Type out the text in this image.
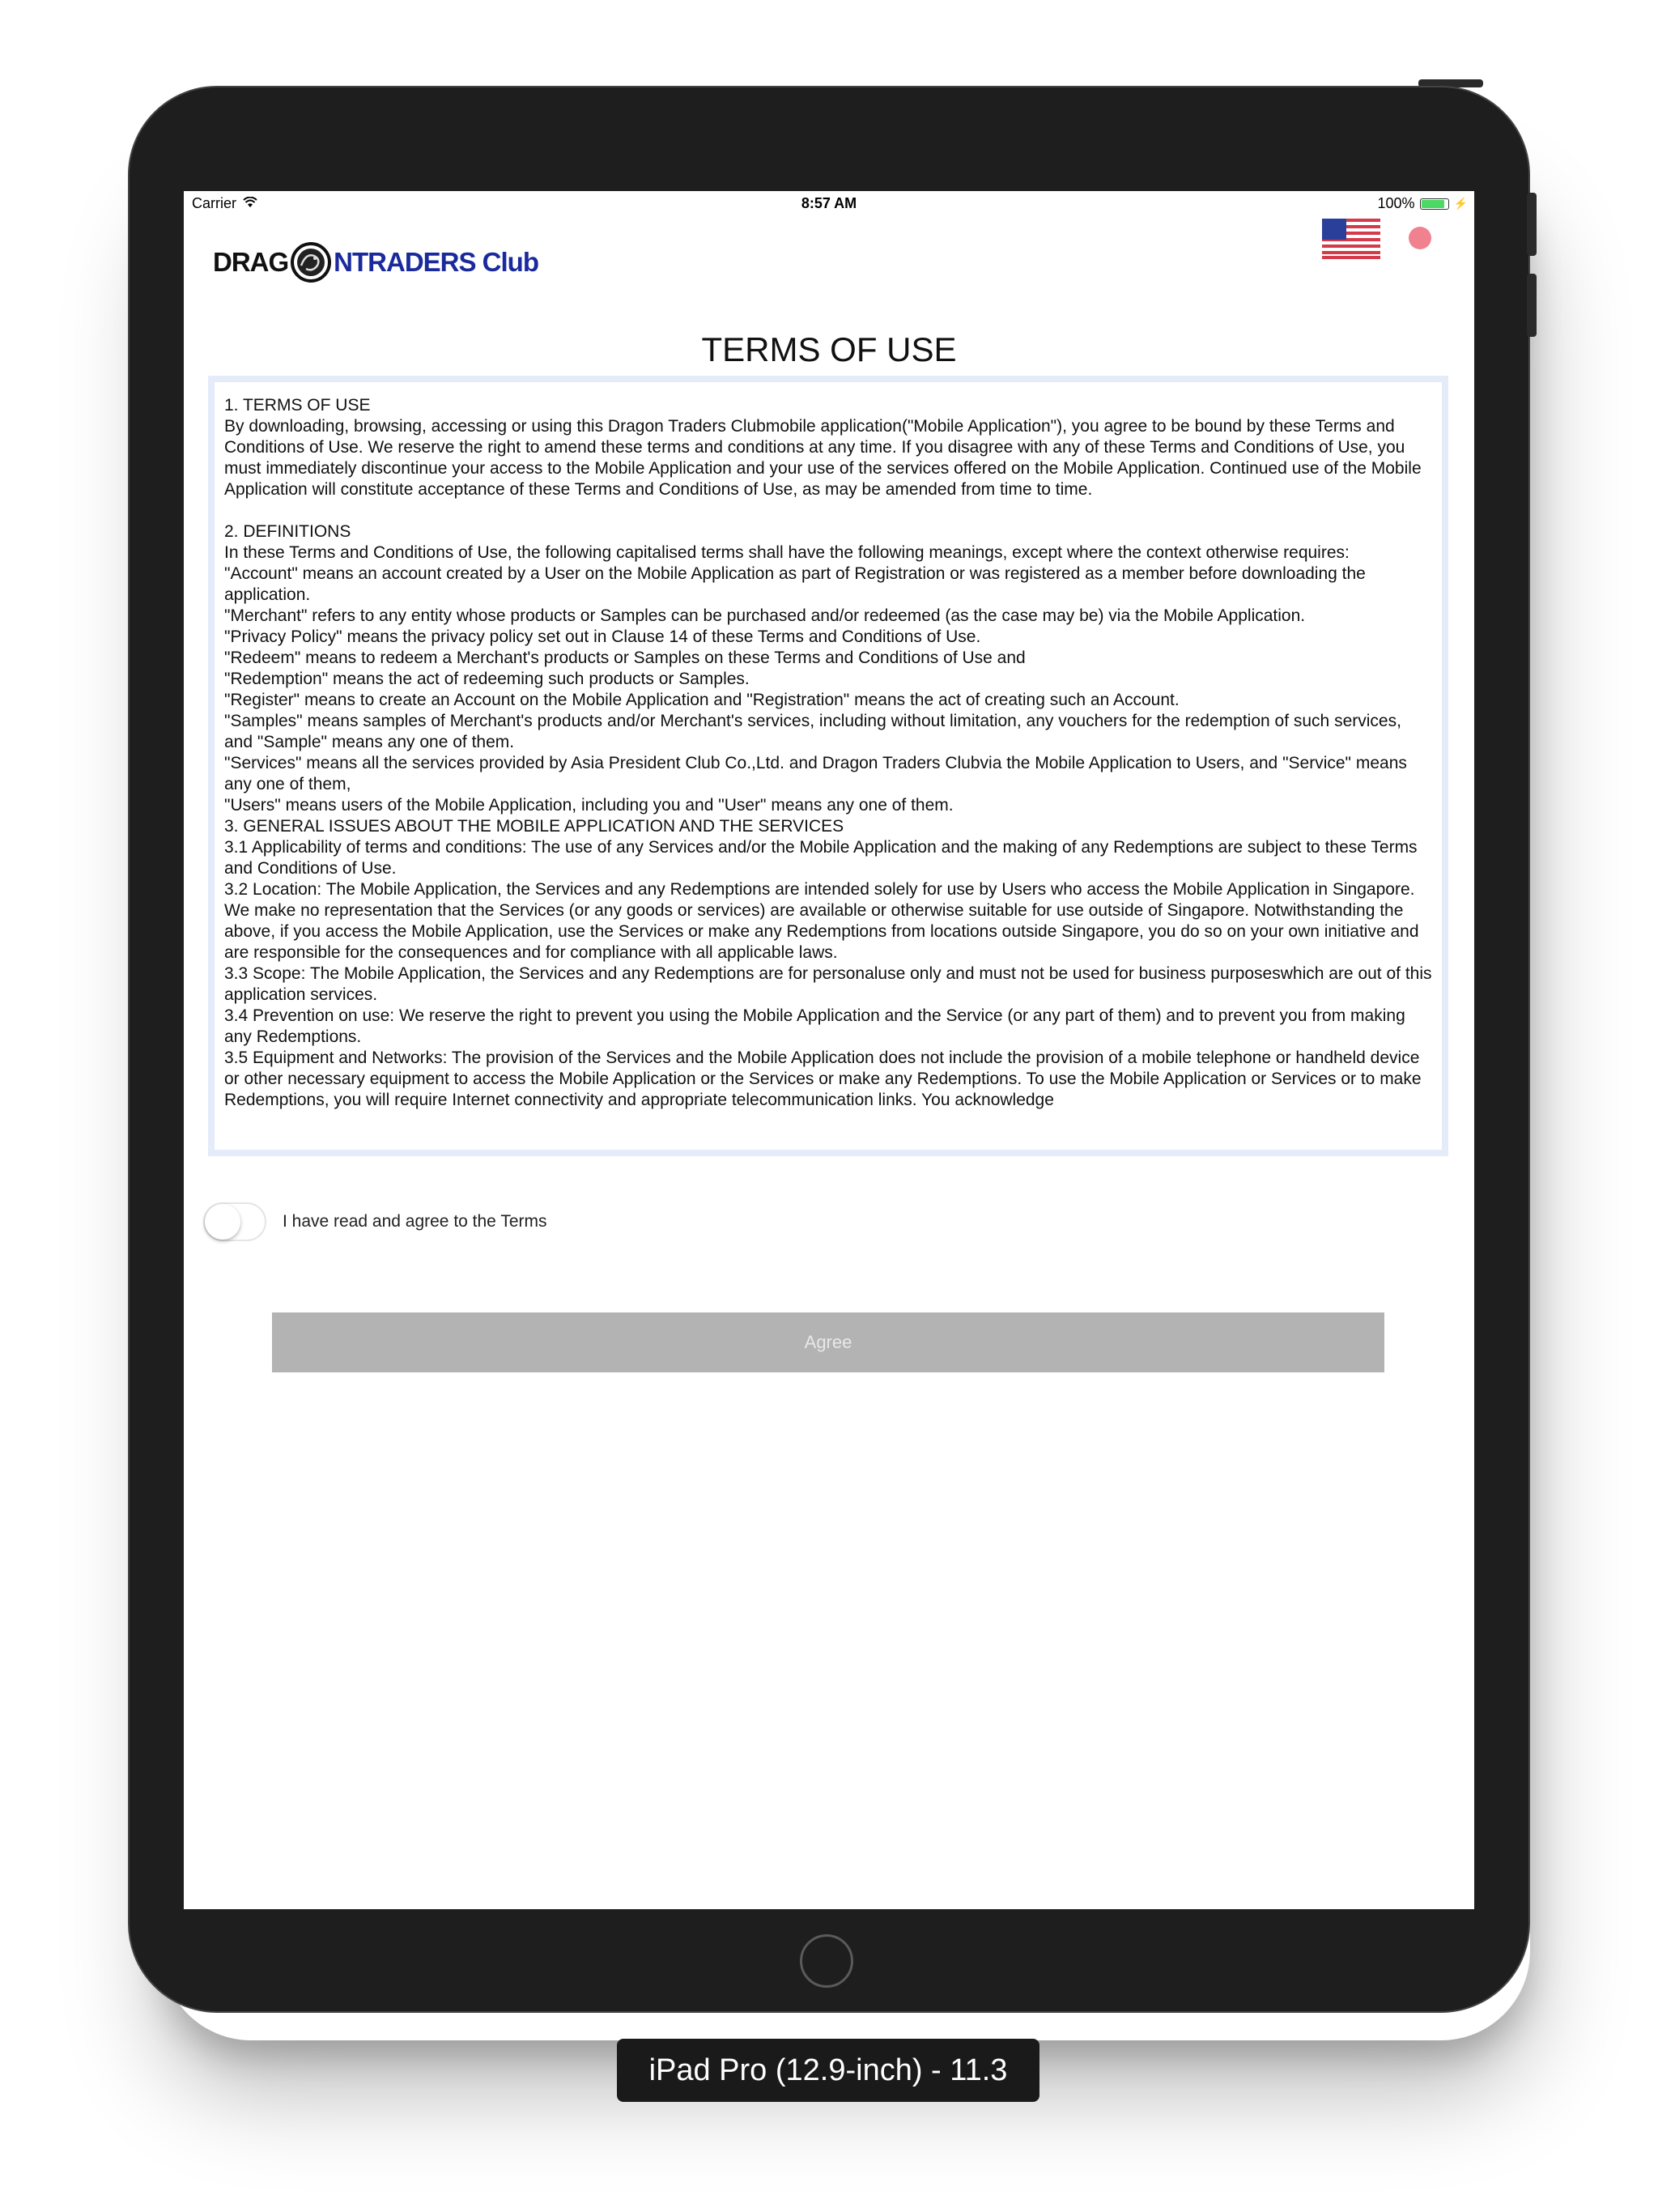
Carrier	8:57 AM	100%	⚡
DRAG NTRADERS Club
TERMS OF USE
1. TERMS OF USE
By downloading, browsing, accessing or using this Dragon Traders Clubmobile application("Mobile Application"), you agree to be bound by these Terms and Conditions of Use. We reserve the right to amend these terms and conditions at any time. If you disagree with any of these Terms and Conditions of Use, you must immediately discontinue your access to the Mobile Application and your use of the services offered on the Mobile Application. Continued use of the Mobile Application will constitute acceptance of these Terms and Conditions of Use, as may be amended from time to time.

2. DEFINITIONS
In these Terms and Conditions of Use, the following capitalised terms shall have the following meanings, except where the context otherwise requires:
"Account" means an account created by a User on the Mobile Application as part of Registration or was registered as a member before downloading the application.
"Merchant" refers to any entity whose products or Samples can be purchased and/or redeemed (as the case may be) via the Mobile Application.
"Privacy Policy" means the privacy policy set out in Clause 14 of these Terms and Conditions of Use.
"Redeem" means to redeem a Merchant's products or Samples on these Terms and Conditions of Use and
"Redemption" means the act of redeeming such products or Samples.
"Register" means to create an Account on the Mobile Application and "Registration" means the act of creating such an Account.
"Samples" means samples of Merchant's products and/or Merchant's services, including without limitation, any vouchers for the redemption of such services, and "Sample" means any one of them.
"Services" means all the services provided by Asia President Club Co.,Ltd. and Dragon Traders Clubvia the Mobile Application to Users, and "Service" means any one of them,
"Users" means users of the Mobile Application, including you and "User" means any one of them.
3. GENERAL ISSUES ABOUT THE MOBILE APPLICATION AND THE SERVICES
3.1 Applicability of terms and conditions: The use of any Services and/or the Mobile Application and the making of any Redemptions are subject to these Terms and Conditions of Use.
3.2 Location: The Mobile Application, the Services and any Redemptions are intended solely for use by Users who access the Mobile Application in Singapore. We make no representation that the Services (or any goods or services) are available or otherwise suitable for use outside of Singapore. Notwithstanding the above, if you access the Mobile Application, use the Services or make any Redemptions from locations outside Singapore, you do so on your own initiative and are responsible for the consequences and for compliance with all applicable laws.
3.3 Scope: The Mobile Application, the Services and any Redemptions are for personaluse only and must not be used for business purposeswhich are out of this application services.
3.4 Prevention on use: We reserve the right to prevent you using the Mobile Application and the Service (or any part of them) and to prevent you from making any Redemptions.
3.5 Equipment and Networks: The provision of the Services and the Mobile Application does not include the provision of a mobile telephone or handheld device or other necessary equipment to access the Mobile Application or the Services or make any Redemptions. To use the Mobile Application or Services or to make Redemptions, you will require Internet connectivity and appropriate telecommunication links. You acknowledge
I have read and agree to the Terms
Agree
iPad Pro (12.9-inch) - 11.3
